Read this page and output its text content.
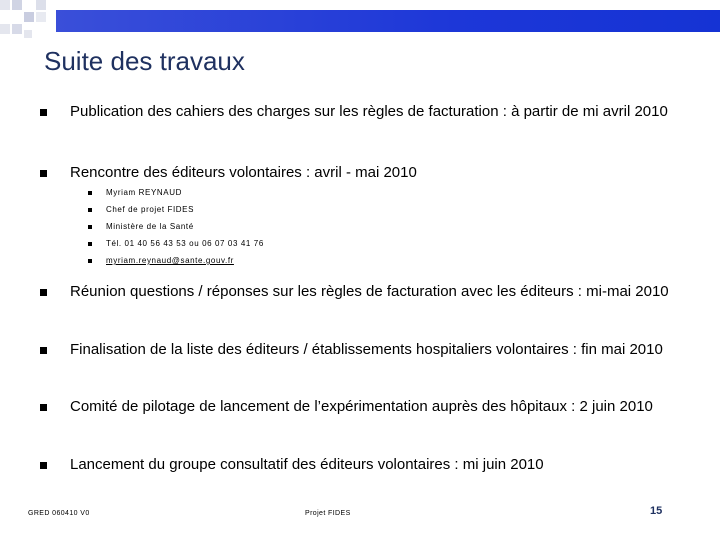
Suite des travaux
Publication des cahiers des charges sur les règles de facturation : à partir de mi avril 2010
Rencontre des éditeurs volontaires : avril - mai 2010
Myriam REYNAUD
Chef de projet FIDES
Ministère de la Santé
Tél. 01 40 56 43 53 ou 06 07 03 41 76
myriam.reynaud@sante.gouv.fr
Réunion questions / réponses sur les règles de facturation avec les éditeurs : mi-mai 2010
Finalisation de la liste des éditeurs / établissements hospitaliers volontaires : fin mai 2010
Comité de pilotage de lancement de l’expérimentation auprès des hôpitaux : 2 juin 2010
Lancement du groupe consultatif des éditeurs volontaires : mi juin 2010
GRED 060410 V0	Projet FIDES	15
